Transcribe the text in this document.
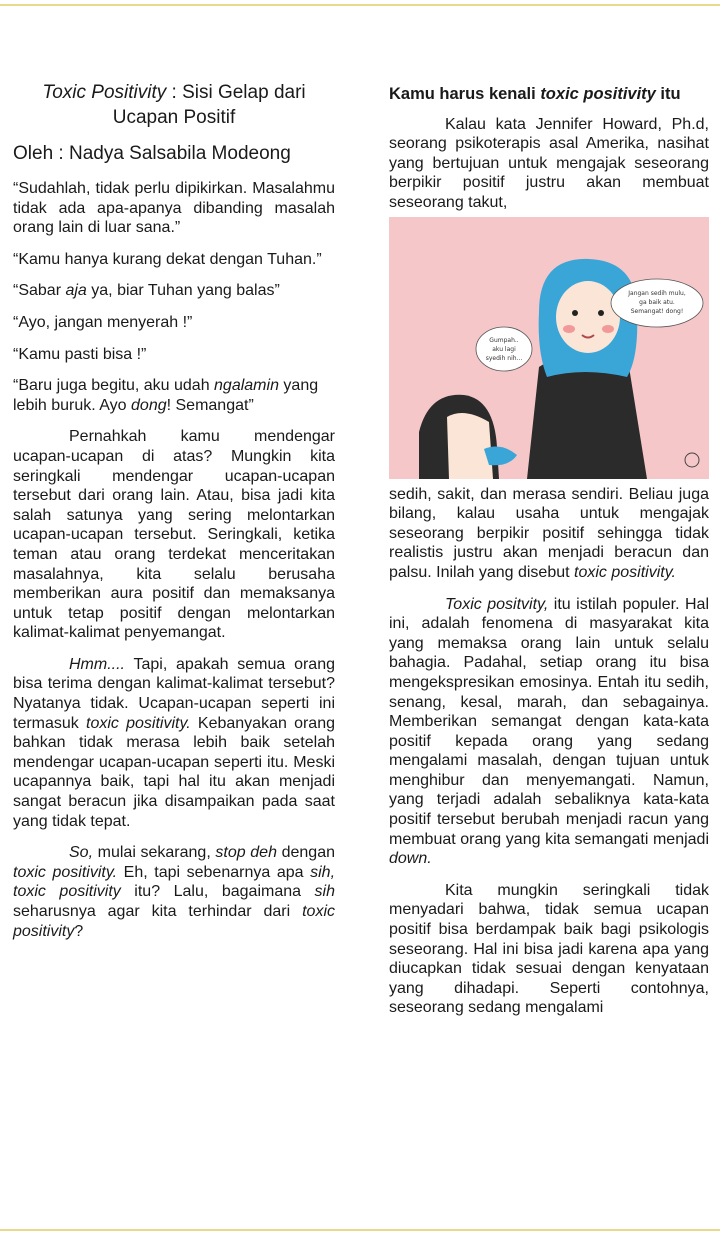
Toxic Positivity : Sisi Gelap dari Ucapan Positif
Oleh : Nadya Salsabila Modeong

“Sudahlah, tidak perlu dipikirkan. Masalahmu tidak ada apa-apanya dibanding masalah orang lain di luar sana.”

“Kamu hanya kurang dekat dengan Tuhan.”

“Sabar aja ya, biar Tuhan yang balas”

“Ayo, jangan menyerah !”

“Kamu pasti bisa !”

“Baru juga begitu, aku udah ngalamin yang lebih buruk. Ayo dong! Semangat”

Pernahkah kamu mendengar ucapan-ucapan di atas? Mungkin kita seringkali mendengar ucapan-ucapan tersebut dari orang lain. Atau, bisa jadi kita salah satunya yang sering melontarkan ucapan-ucapan tersebut. Seringkali, ketika teman atau orang terdekat menceritakan masalahnya, kita selalu berusaha memberikan aura positif dan memaksanya untuk tetap positif dengan melontarkan kalimat-kalimat penyemangat.

Hmm.... Tapi, apakah semua orang bisa terima dengan kalimat-kalimat tersebut? Nyatanya tidak. Ucapan-ucapan seperti ini termasuk toxic positivity. Kebanyakan orang bahkan tidak merasa lebih baik setelah mendengar ucapan-ucapan seperti itu. Meski ucapannya baik, tapi hal itu akan menjadi sangat beracun jika disampaikan pada saat yang tidak tepat.

So, mulai sekarang, stop deh dengan toxic positivity. Eh, tapi sebenarnya apa sih, toxic positivity itu? Lalu, bagaimana sih seharusnya agar kita terhindar dari toxic positivity?

Kamu harus kenali toxic positivity itu

Kalau kata Jennifer Howard, Ph.d, seorang psikoterapis asal Amerika, nasihat yang bertujuan untuk mengajak seseorang berpikir positif justru akan membuat seseorang takut,

Jangan sedih mulu,
ga baik atu.
Semangat! dong!
Gumpah..
aku lagi
syedih nih...

sedih, sakit, dan merasa sendiri. Beliau juga bilang, kalau usaha untuk mengajak seseorang berpikir positif sehingga tidak realistis justru akan menjadi beracun dan palsu. Inilah yang disebut toxic positivity.

Toxic positvity, itu istilah populer. Hal ini, adalah fenomena di masyarakat kita yang memaksa orang lain untuk selalu bahagia. Padahal, setiap orang itu bisa mengekspresikan emosinya. Entah itu sedih, senang, kesal, marah, dan sebagainya. Memberikan semangat dengan kata-kata positif kepada orang yang sedang mengalami masalah, dengan tujuan untuk menghibur dan menyemangati. Namun, yang terjadi adalah sebaliknya kata-kata positif tersebut berubah menjadi racun yang membuat orang yang kita semangati menjadi down.

Kita mungkin seringkali tidak menyadari bahwa, tidak semua ucapan positif bisa berdampak baik bagi psikologis seseorang. Hal ini bisa jadi karena apa yang diucapkan tidak sesuai dengan kenyataan yang dihadapi. Seperti contohnya, seseorang sedang mengalami
